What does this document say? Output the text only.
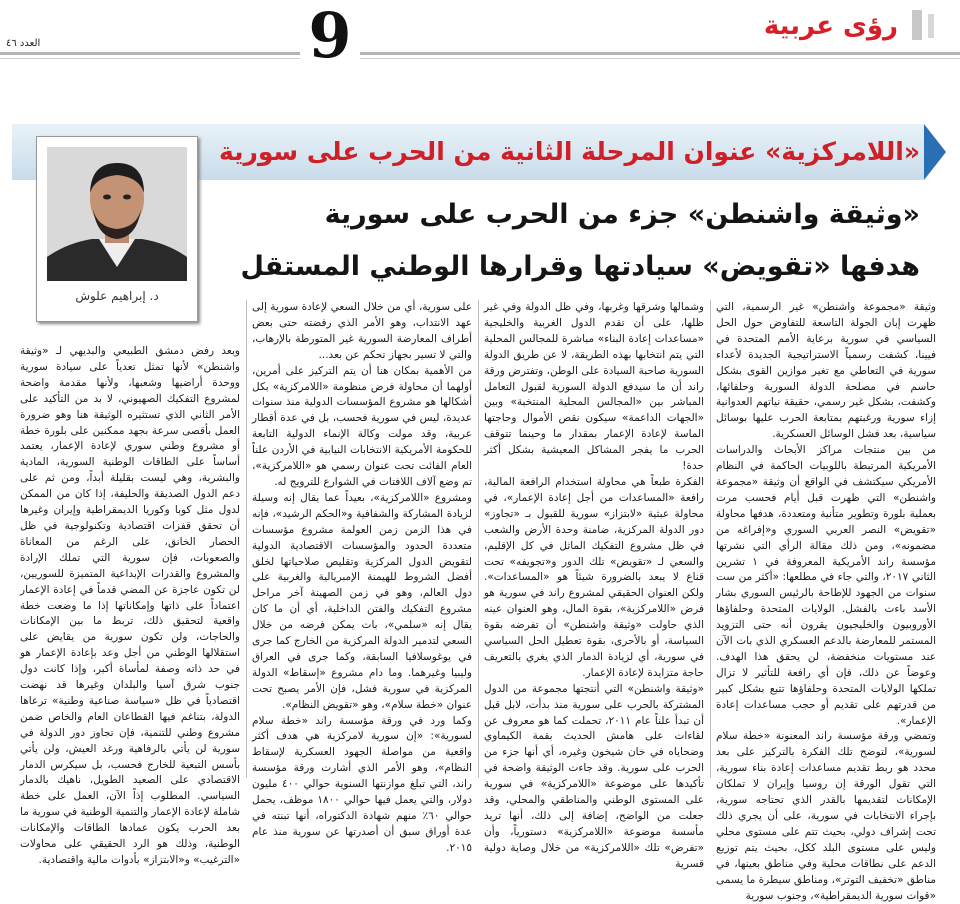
9	رؤى عربية
العدد ٤٦
«اللامركزية» عنوان المرحلة الثانية من الحرب على سورية
د. إبراهيم علوش
«وثيقة واشنطن» جزء من الحرب على سورية
هدفها «تقويض» سيادتها وقرارها الوطني المستقل

وثيقة «مجموعة واشنطن» غير الرسمية، التي ظهرت إبان الجولة التاسعة للتفاوض حول الحل السياسي في سورية برعاية الأمم المتحدة في فيينا، كشفت رسمياً الاستراتيجية الجديدة لأعداء سورية في التعاطي مع تغير موازين القوى بشكل حاسم في مصلحة الدولة السورية وحلفائها، وكشفت، بشكل غير رسمي، حقيقة نياتهم العدوانية إزاء سورية ورغبتهم بمتابعة الحرب عليها بوسائل سياسية، بعد فشل الوسائل العسكرية.

من بين منتجات مراكز الأبحاث والدراسات الأمريكية المرتبطة باللوبيات الحاكمة في النظام الأمريكي سيكتشف في الواقع أن وثيقة «مجموعة واشنطن» التي ظهرت قبل أيام فحسب مرت بعملية بلورة وتطوير متأنية ومتعددة، هدفها محاولة «تقويض» النصر العربي السوري و«إفراغه من مضمونه»، ومن ذلك مقالة الرأي التي نشرتها مؤسسة راند الأمريكية المعروفة في ١ تشرين الثاني ٢٠١٧، والتي جاء في مطلعها: «أكثر من ست سنوات من الجهود للإطاحة بالرئيس السوري بشار الأسد باءت بالفشل. الولايات المتحدة وحلفاؤها الأوروبيون والخليجيون يقرون أنه حتى التزويد المستمر للمعارضة بالدعم العسكري الذي بات الآن عند مستويات منخفضة، لن يحقق هذا الهدف. وعوضاً عن ذلك، فإن أي رافعة للتأثير لا تزال تملكها الولايات المتحدة وحلفاؤها تتبع بشكل كبير من قدرتهم على تقديم أو حجب مساعدات إعادة الإعمار».

وتمضي ورقة مؤسسة راند المعنونة «خطة سلام لسورية»، لتوضح تلك الفكرة بالتركيز على بعد محدد هو ربط تقديم مساعدات إعادة بناء سورية، التي تقول الورقة إن روسيا وإيران لا تملكان الإمكانات لتقديمها بالقدر الذي تحتاجه سورية، بإجراء الانتخابات في سورية، على أن يجري ذلك تحت إشراف دولي، بحيث تتم على مستوى محلي وليس على مستوى البلد ككل، بحيث يتم توزيع الدعم على نطاقات محلية وفي مناطق بعينها، في مناطق «تخفيف التوتر»، ومناطق سيطرة ما يسمى «قوات سورية الديمقراطية»، وجنوب سورية

وشمالها وشرقها وغربها، وفي ظل الدولة وفي غير ظلها، على أن تقدم الدول الغربية والخليجية «مساعدات إعادة البناء» مباشرة للمجالس المحلية التي يتم انتخابها بهذه الطريقة، لا عن طريق الدولة السورية صاحبة السيادة على الوطن، وتفترض ورقة راند أن ما سيدفع الدولة السورية لقبول التعامل المباشر بين «المجالس المحلية المنتخبة» وبين «الجهات الداعمة» سيكون نقص الأموال وحاجتها الماسة لإعادة الإعمار بمقدار ما وحينما تتوقف الحرب ما يفجر المشاكل المعيشية بشكل أكثر حدة!

الفكرة طبعاً هي محاولة استخدام الرافعة المالية، رافعة «المساعدات من أجل إعادة الإعمار»، في محاولة عبثية «لابتزاز» سورية للقبول بـ «تجاوز» دور الدولة المركزية، ضامنة وحدة الأرض والشعب في ظل مشروع التفكيك الماثل في كل الإقليم، والسعي لـ «تقويض» تلك الدور و«تجويفه» تحت قناع لا يبعد بالضرورة شيئاً هو «المساعدات». ولكن العنوان الحقيقي لمشروع راند في سورية هو فرض «اللامركزية»، بقوة المال، وهو العنوان عينه الذي حاولت «وثيقة واشنطن» أن تفرضه بقوة السياسة، أو بالأحرى، بقوة تعطيل الحل السياسي في سورية، أي لزيادة الدمار الذي يغري بالتعريف حاجة متزايدة لإعادة الإعمار.

«وثيقة واشنطن» التي أنتجتها مجموعة من الدول المشتركة بالحرب على سورية منذ بدأت، لابل قبل أن تبدأ علناً عام ٢٠١١، تحملت كما هو معروف عن لقاءات على هامش الحديث بقمة الكيماوي وضحاياه في خان شيخون وغيره، أي أنها جزء من الحرب على سورية. وقد جاءت الوثيقة واضحة في تأكيدها على موضوعة «اللامركزية» في سورية على المستوى الوطني والمناطقي والمحلي، وقد جعلت من الواضح، إضافة إلى ذلك، أنها تريد مأسسة موضوعة «اللامركزية» دستورياً، وأن «تفرض» تلك «اللامركزية» من خلال وصاية دولية قسرية

على سورية، أي من خلال السعي لإعادة سورية إلى عهد الانتداب، وهو الأمر الذي رفضته حتى بعض أطراف المعارضة السورية غير المتورطة بالإرهاب، والتي لا تسير بجهاز تحكم عن بعد...

من الأهمية بمكان هنا أن يتم التركيز على أمرين، أولهما أن محاولة فرض منظومة «اللامركزية» بكل أشكالها هو مشروع المؤسسات الدولية منذ سنوات عديدة، ليس في سورية فحسب، بل في عدة أقطار عربية، وقد مولت وكالة الإنماء الدولية التابعة للحكومة الأمريكية الانتخابات النيابية في الأردن علناً العام الفائت تحت عنوان رسمي هو «اللامركزية»، تم وضع آلاف اللافتات في الشوارع للترويج له.

ومشروع «اللامركزية»، بعيداً عما يقال إنه وسيلة لزيادة المشاركة والشفافية و«الحكم الرشيد»، فإنه في هذا الزمن زمن العولمة مشروع مؤسسات متعددة الحدود والمؤسسات الاقتصادية الدولية لتقويض الدول المركزية وتقليص صلاحياتها لخلق أفضل الشروط للهيمنة الإمبريالية والغربية على دول العالم، وهو في زمن الصهينة آخر مراحل مشروع التفكيك والفتن الداخلية، أي أن ما كان يقال إنه «سلمي»، بات يمكن فرضه من خلال السعي لتدمير الدولة المركزية من الخارج كما جرى في يوغوسلافيا السابقة، وكما جرى في العراق وليبيا وغيرهما. وما دام مشروع «إسقاط» الدولة المركزية في سورية فشل، فإن الأمر يصبح تحت عنوان «خطة سلام»، وهو «تقويض النظام».

وكما ورد في ورقة مؤسسة راند «خطة سلام لسورية»: «إن سورية لامركزية هي هدف أكثر واقعية من مواصلة الجهود العسكرية لإسقاط النظام»، وهو الأمر الذي أشارت ورقة مؤسسة راند، التي تبلغ موازنتها السنوية حوالي ٤٠٠ مليون دولار، والتي يعمل فيها حوالي ١٨٠٠ موظف، يحمل حوالي ٦٠٪ منهم شهادة الدكتوراه، أنها تبنته في عدة أوراق سبق أن أصدرتها عن سورية منذ عام ٢٠١٥.

وبعد رفض دمشق الطبيعي والبديهي لـ «وثيقة واشنطن» لأنها تمثل تعدياً على سيادة سورية ووحدة أراضيها وشعبها، ولأنها مقدمة واضحة لمشروع التفكيك الصهيوني، لا بد من التأكيد على الأمر الثاني الذي تستثيره الوثيقة هنا وهو ضرورة العمل بأقصى سرعة بجهد ممكنين على بلورة خطة أو مشروع وطني سوري لإعادة الإعمار، يعتمد أساساً على الطاقات الوطنية السورية، المادية والبشرية، وهي ليست بقليلة أبداً، ومن ثم على دعم الدول الصديقة والحليفة، إذا كان من الممكن لدول مثل كوبا وكوريا الديمقراطية وإيران وغيرها أن تحقق قفزات اقتصادية وتكنولوجية في ظل الحصار الخانق، على الرغم من المعاناة والصعوبات، فإن سورية التي تملك الإرادة والمشروع والقدرات الإبداعية المتميزة للسوريين، لن تكون عاجزة عن المضي قدماً في إعادة الإعمار اعتماداً على ذاتها وإمكاناتها إذا ما وضعت خطة واقعية لتحقيق ذلك، تربط ما بين الإمكانات والحاجات، ولن تكون سورية من يقايض على استقلالها الوطني من أجل وعد بإعادة الإعمار هو في حد ذاته وصفة لمأساة أكبر، وإذا كانت دول جنوب شرق آسيا والبلدان وغيرها قد نهضت اقتصادياً في ظل «سياسة صناعية وطنية» ترعاها الدولة، بتناغم فيها القطاعان العام والخاص ضمن مشروع وطني للتنمية، فإن تجاوز دور الدولة في سورية لن يأتي بالرفاهية ورغد العيش، ولن يأتي بأسس التبعية للخارج فحسب، بل سيكرس الدمار الاقتصادي على الصعيد الطويل، ناهيك بالدمار السياسي. المطلوب إذاً الآن، العمل على خطة شاملة لإعادة الإعمار والتنمية الوطنية في سورية ما بعد الحرب يكون عمادها الطاقات والإمكانات الوطنية، وذلك هو الرد الحقيقي على محاولات «الترغيب» و«الابتزاز» بأدوات مالية واقتصادية.
